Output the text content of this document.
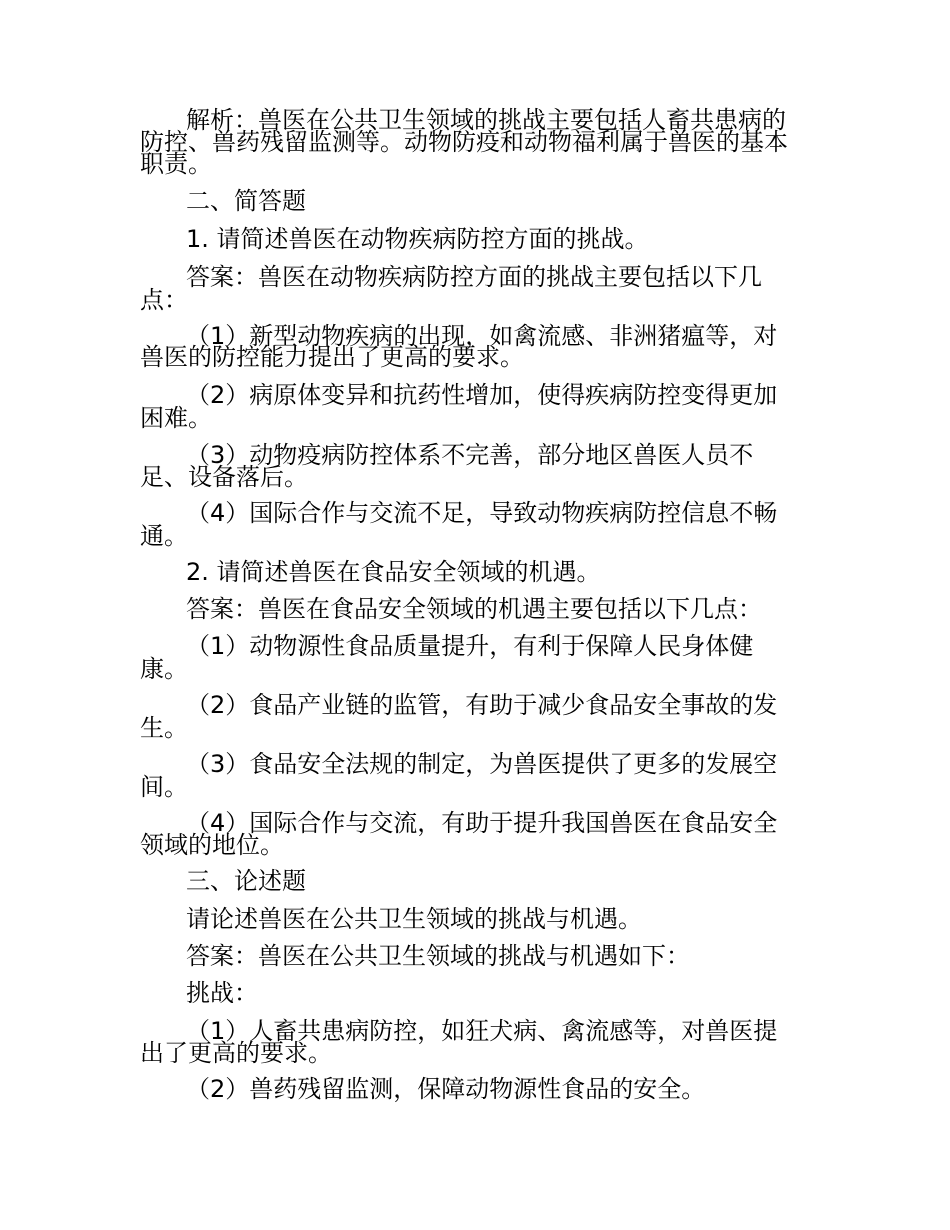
解析：兽医在公共卫生领域的挑战主要包括人畜共患病的

防控、兽药残留监测等。动物防疫和动物福利属于兽医的基本

职责。

二、简答题

1. 请简述兽医在动物疾病防控方面的挑战。

答案：兽医在动物疾病防控方面的挑战主要包括以下几

点：

（1）新型动物疾病的出现，如禽流感、非洲猪瘟等，对

兽医的防控能力提出了更高的要求。

（2）病原体变异和抗药性增加，使得疾病防控变得更加

困难。

（3）动物疫病防控体系不完善，部分地区兽医人员不

足、设备落后。

（4）国际合作与交流不足，导致动物疾病防控信息不畅

通。

2. 请简述兽医在食品安全领域的机遇。

答案：兽医在食品安全领域的机遇主要包括以下几点：

（1）动物源性食品质量提升，有利于保障人民身体健

康。

（2）食品产业链的监管，有助于减少食品安全事故的发

生。

（3）食品安全法规的制定，为兽医提供了更多的发展空

间。

（4）国际合作与交流，有助于提升我国兽医在食品安全

领域的地位。

三、论述题

请论述兽医在公共卫生领域的挑战与机遇。

答案：兽医在公共卫生领域的挑战与机遇如下：

挑战：

（1）人畜共患病防控，如狂犬病、禽流感等，对兽医提

出了更高的要求。

（2）兽药残留监测，保障动物源性食品的安全。
